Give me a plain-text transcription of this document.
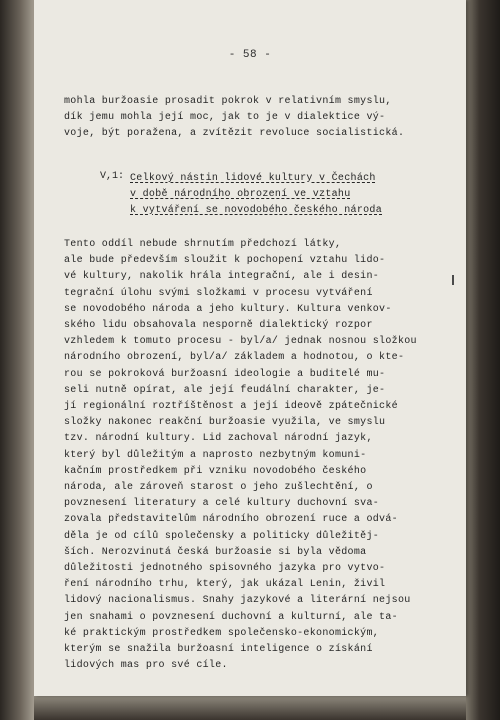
- 58 -
mohla buržoasie prosadit pokrok v relativním smyslu,
dík jemu mohla její moc, jak to je v dialektice vý-
voje, být poražena, a zvítězit revoluce socialistická.
V,1: Celkový nástin lidové kultury v Čechách
v době národního obrození ve vztahu
k vytváření se novodobého českého národa
Tento oddíl nebude shrnutím předchozí látky,
ale bude především sloužit k pochopení vztahu lido-
vé kultury, nakolik hrála integrační, ale i desin-
tegrační úlohu svými složkami v procesu vytváření
se novodobého národa a jeho kultury. Kultura venkov-
ského lidu obsahovala nesporně dialektický rozpor
vzhledem k tomuto procesu - byl/a/ jednak nosnou složkou
národního obrození, byl/a/ základem a hodnotou, o kte-
rou se pokroková buržoasní ideologie a buditelé mu-
seli nutně opírat, ale její feudální charakter, je-
jí regionální roztříštěnost a její ideově zpátečnické
složky nakonec reakční buržoasie využila, ve smyslu
tzv. národní kultury. Lid zachoval národní jazyk,
který byl důležitým a naprosto nezbytným komuni-
kačním prostředkem při vzniku novodobého českého
národa, ale zároveň starost o jeho zušlechtění, o
povznesení literatury a celé kultury duchovní sva-
zovala představitelům národního obrození ruce a odvá-
děla je od cílů společensky a politicky důležitěj-
ších. Nerozvinutá česká buržoasie si byla vědoma
důležitosti jednotného spisovného jazyka pro vytvo-
ření národního trhu, který, jak ukázal Lenin, živil
lidový nacionalismus. Snahy jazykové a literární nejsou
jen snahami o povznesení duchovní a kulturní, ale ta-
ké praktickým prostředkem společensko-ekonomickým,
kterým se snažila buržoasní inteligence o získání
lidových mas pro své cíle.
